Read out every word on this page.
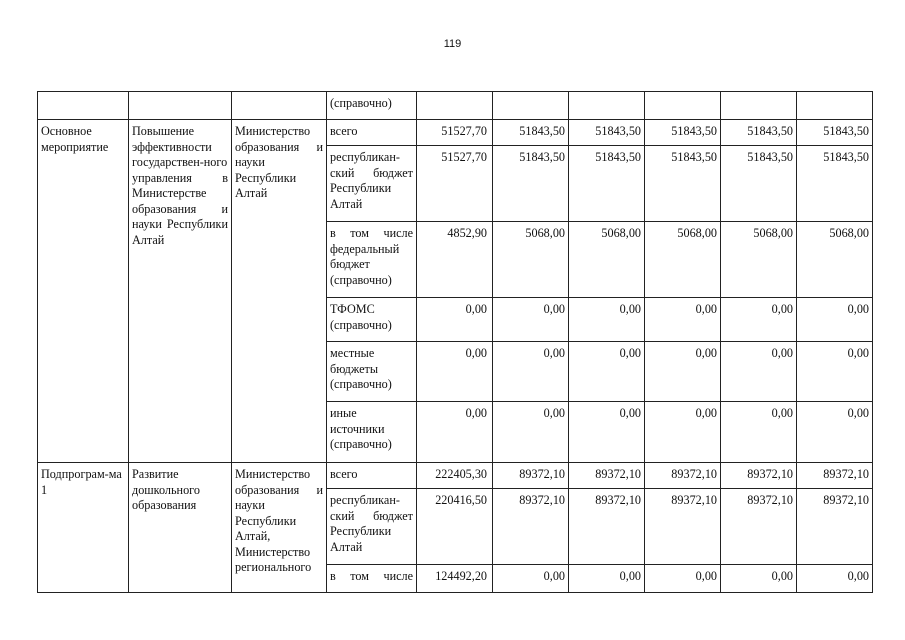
119
			(справочно)						
Основное мероприятие	Повышение эффективности государствен-ного управления в Министерстве образования и науки Республики Алтай	Министерство образования и науки Республики Алтай	всего	51527,70	51843,50	51843,50	51843,50	51843,50	51843,50
			республикан-ский бюджет Республики Алтай	51527,70	51843,50	51843,50	51843,50	51843,50	51843,50
			в том числе федеральный бюджет (справочно)	4852,90	5068,00	5068,00	5068,00	5068,00	5068,00
			ТФОМС (справочно)	0,00	0,00	0,00	0,00	0,00	0,00
			местные бюджеты (справочно)	0,00	0,00	0,00	0,00	0,00	0,00
			иные источники (справочно)	0,00	0,00	0,00	0,00	0,00	0,00
Подпрограм-ма 1	Развитие дошкольного образования	Министерство образования и науки Республики Алтай, Министерство регионального	всего	222405,30	89372,10	89372,10	89372,10	89372,10	89372,10
			республикан-ский бюджет Республики Алтай	220416,50	89372,10	89372,10	89372,10	89372,10	89372,10
			в том числе	124492,20	0,00	0,00	0,00	0,00	0,00
